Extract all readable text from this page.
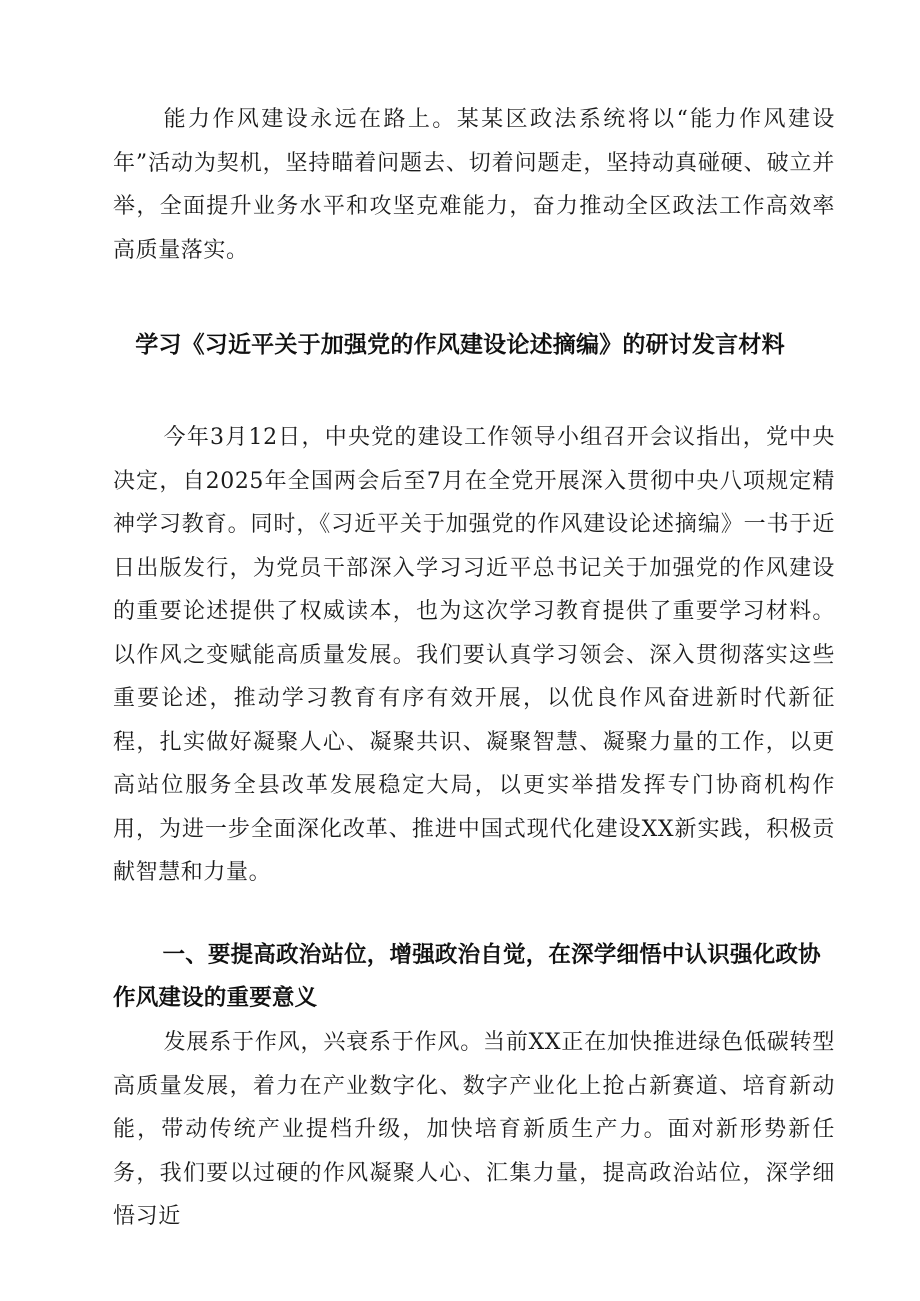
能力作风建设永远在路上。某某区政法系统将以“能力作风建设年”活动为契机，坚持瞄着问题去、切着问题走，坚持动真碰硬、破立并举，全面提升业务水平和攻坚克难能力，奋力推动全区政法工作高效率高质量落实。

学习《习近平关于加强党的作风建设论述摘编》的研讨发言材料

今年3月12日，中央党的建设工作领导小组召开会议指出，党中央决定，自2025年全国两会后至7月在全党开展深入贯彻中央八项规定精神学习教育。同时，《习近平关于加强党的作风建设论述摘编》一书于近日出版发行，为党员干部深入学习习近平总书记关于加强党的作风建设的重要论述提供了权威读本，也为这次学习教育提供了重要学习材料。以作风之变赋能高质量发展。我们要认真学习领会、深入贯彻落实这些重要论述，推动学习教育有序有效开展，以优良作风奋进新时代新征程，扎实做好凝聚人心、凝聚共识、凝聚智慧、凝聚力量的工作，以更高站位服务全县改革发展稳定大局，以更实举措发挥专门协商机构作用，为进一步全面深化改革、推进中国式现代化建设XX新实践，积极贡献智慧和力量。

一、要提高政治站位，增强政治自觉，在深学细悟中认识强化政协作风建设的重要意义

发展系于作风，兴衰系于作风。当前XX正在加快推进绿色低碳转型高质量发展，着力在产业数字化、数字产业化上抢占新赛道、培育新动能，带动传统产业提档升级，加快培育新质生产力。面对新形势新任务，我们要以过硬的作风凝聚人心、汇集力量，提高政治站位，深学细悟习近
